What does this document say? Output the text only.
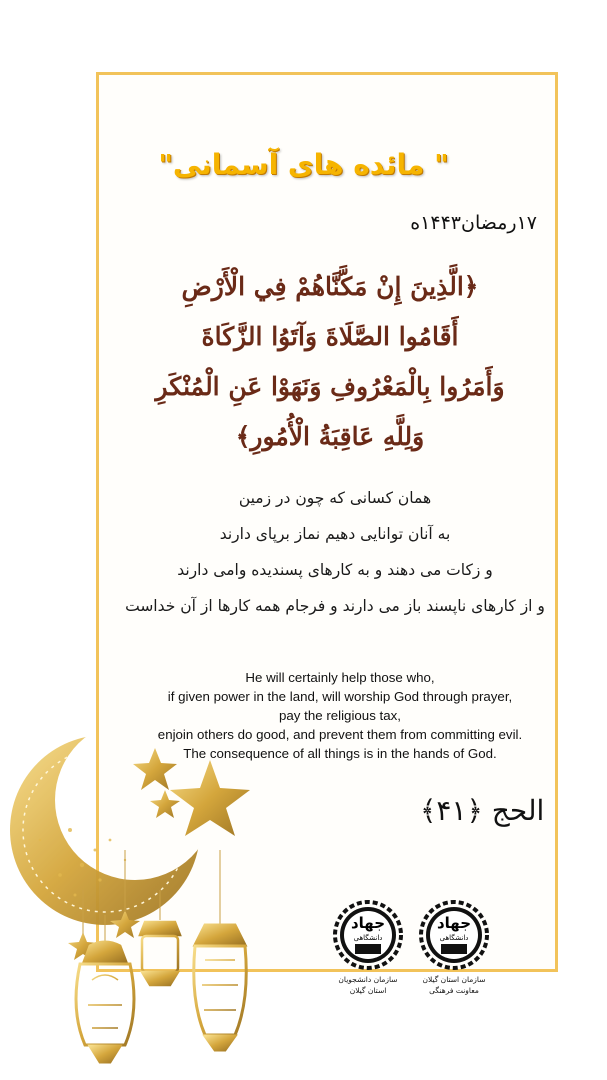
" مائده های آسمانی"
۱۷رمضان۱۴۴۳ه
﴿الَّذِينَ إِنْ مَكَّنَّاهُمْ فِي الْأَرْضِ
أَقَامُوا الصَّلَاةَ وَآتَوُا الزَّكَاةَ
وَأَمَرُوا بِالْمَعْرُوفِ وَنَهَوْا عَنِ الْمُنْكَرِ
وَلِلَّهِ عَاقِبَةُ الْأُمُورِ﴾
همان کسانی که چون در زمین
به آنان توانایی دهیم نماز برپای دارند
و زکات می دهند و به کارهای پسندیده وامی دارند
و از کارهای ناپسند باز می دارند و فرجام همه کارها از آن خداست
He will certainly help those who,
if given power in the land, will worship God through prayer,
pay the religious tax,
enjoin others do good, and prevent them from committing evil.
The consequence of all things is in the hands of God.
الحج ﴿۴۱﴾
جهاد
دانشگاهی
سازمان دانشجویان
استان گیلان
جهاد
دانشگاهی
سازمان استان گیلان
معاونت فرهنگی
